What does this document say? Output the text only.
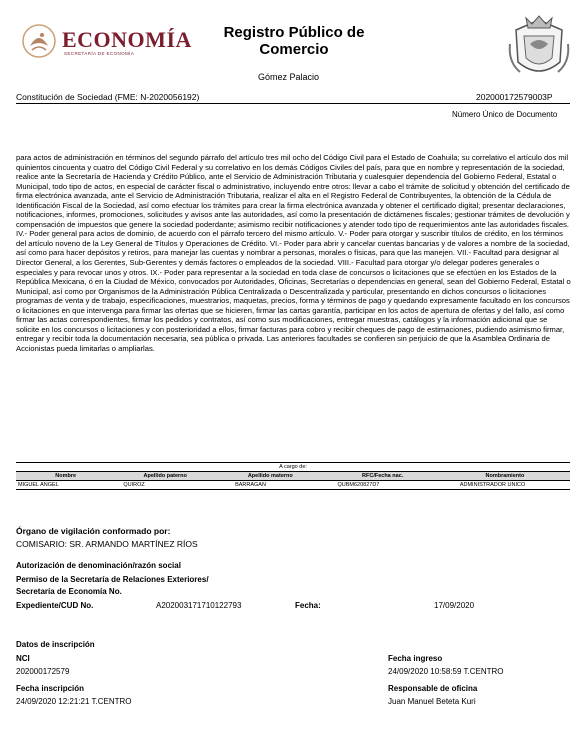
ECONOMÍA
SECRETARÍA DE ECONOMÍA
Registro Público de
Comercio
Gómez Palacio
Constitución de Sociedad (FME: N-2020056192)	202000172579003P
Número Único de Documento
para actos de administración en términos del segundo párrafo del artículo tres mil ocho del Código Civil para el Estado de Coahuila; su correlativo el artículo dos mil quinientos cincuenta y cuatro del Código Civil Federal y su correlativo en los demás Códigos Civiles del país, para que en nombre y representación de la sociedad, realice ante la Secretaría de Hacienda y Crédito Público, ante el Servicio de Administración Tributaria y cualesquier dependencia del Gobierno Federal, Estatal o Municipal, todo tipo de actos, en especial de carácter fiscal o administrativo, incluyendo entre otros: llevar a cabo el trámite de solicitud y obtención del certificado de firma electrónica avanzada, ante el Servicio de Administración Tributaria, realizar el alta en el Registro Federal de Contribuyentes, la obtención de la Cédula de Identificación Fiscal de la Sociedad, así como efectuar los trámites para crear la firma electrónica avanzada y obtener el certificado digital; presentar declaraciones, notificaciones, informes, promociones, solicitudes y avisos ante las autoridades, así como la presentación de dictámenes fiscales; gestionar trámites de devolución y compensación de impuestos que genere la sociedad poderdante; asimismo recibir notificaciones y atender todo tipo de requerimientos ante las autoridades fiscales. IV.- Poder general para actos de dominio, de acuerdo con el párrafo tercero del mismo artículo. V.- Poder para otorgar y suscribir títulos de crédito, en los términos del artículo noveno de la Ley General de Títulos y Operaciones de Crédito. VI.- Poder para abrir y cancelar cuentas bancarias y de valores a nombre de la sociedad, así como para hacer depósitos y retiros, para manejar las cuentas y nombrar a personas, morales o físicas, para que las manejen. VII.- Facultad para designar al Director General, a los Gerentes, Sub-Gerentes y demás factores o empleados de la sociedad. VIII.- Facultad para otorgar y/o delegar poderes generales o especiales y para revocar unos y otros. IX.- Poder para representar a la sociedad en toda clase de concursos o licitaciones que se efectúen en los Estados de la República Mexicana, ó en la Ciudad de México, convocados por Autoridades, Oficinas, Secretarías o dependencias en general, sean del Gobierno Federal, Estatal o Municipal, así como por Organismos de la Administración Pública Centralizada o Descentralizada y particular, presentando en dichos concursos o licitaciones programas de venta y de trabajo, especificaciones, muestrarios, maquetas, precios, forma y términos de pago y quedando expresamente facultado en los concursos o licitaciones en que intervenga para firmar las ofertas que se hicieren, firmar las cartas garantía, participar en los actos de apertura de ofertas y del fallo, así como firmar las actas correspondientes, firmar los pedidos y contratos, así como sus modificaciones, entregar muestras, catálogos y la información adicional que se solicite en los concursos o licitaciones y con posterioridad a ellos, firmar facturas para cobro y recibir cheques de pago de estimaciones, pudiendo asimismo firmar, entregar y recibir toda la documentación necesaria, sea pública o privada. Las anteriores facultades se confieren sin perjuicio de que la Asamblea Ordinaria de Accionistas pueda limitarlas o ampliarlas.
A cargo de:				
Nombre	Apellido paterno	Apellido materno	RFC/Fecha nac.	Nombramiento
MIGUEL ANGEL	QUIROZ	BARRAGAN	QUBM620827D7	ADMINISTRADOR UNICO
Órgano de vigilación conformado por:
COMISARIO: SR. ARMANDO MARTÍNEZ RÍOS
Autorización de denominación/razón social
Permiso de la Secretaría de Relaciones Exteriores/
Secretaría de Economía No.
Expediente/CUD No.	A202003171710122793	Fecha:	17/09/2020
Datos de inscripción
NCI
202000172579
Fecha inscripción
24/09/2020 12:21:21 T.CENTRO
Fecha ingreso
24/09/2020 10:58:59 T.CENTRO
Responsable de oficina
Juan Manuel Beteta Kuri
